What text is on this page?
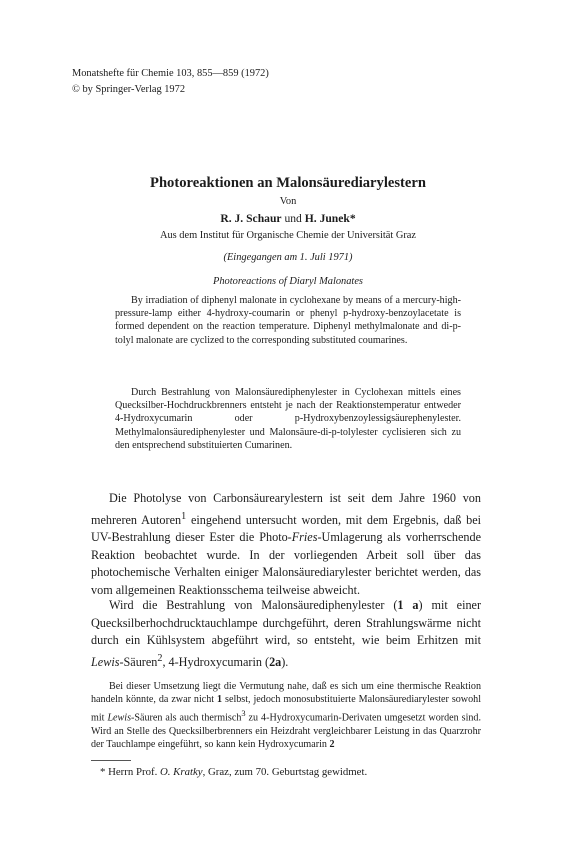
Monatshefte für Chemie 103, 855—859 (1972)
© by Springer-Verlag 1972
Photoreaktionen an Malonsäurediarylestern
Von
R. J. Schaur und H. Junek*
Aus dem Institut für Organische Chemie der Universität Graz
(Eingegangen am 1. Juli 1971)
Photoreactions of Diaryl Malonates

By irradiation of diphenyl malonate in cyclohexane by means of a mercury-high-pressure-lamp either 4-hydroxy-coumarin or phenyl p-hydroxy-benzoylacetate is formed dependent on the reaction temperature. Diphenyl methylmalonate and di-p-tolyl malonate are cyclized to the corresponding substituted coumarines.

Durch Bestrahlung von Malonsäurediphenylester in Cyclohexan mittels eines Quecksilber-Hochdruckbrenners entsteht je nach der Reaktionstemperatur entweder 4-Hydroxycumarin oder p-Hydroxybenzoylessigsäurephenylester. Methylmalonsäurediphenylester und Malonsäure-di-p-tolylester cyclisieren sich zu den entsprechend substituierten Cumarinen.

Die Photolyse von Carbonsäurearylestern ist seit dem Jahre 1960 von mehreren Autoren$^1$ eingehend untersucht worden, mit dem Ergebnis, daß bei UV-Bestrahlung dieser Ester die Photo-Fries-Umlagerung als vorherrschende Reaktion beobachtet wurde. In der vorliegenden Arbeit soll über das photochemische Verhalten einiger Malonsäurediarylester berichtet werden, das vom allgemeinen Reaktionsschema teilweise abweicht.

Wird die Bestrahlung von Malonsäurediphenylester (1 a) mit einer Quecksilberhochdrucktauchlampe durchgeführt, deren Strahlungswärme nicht durch ein Kühlsystem abgeführt wird, so entsteht, wie beim Erhitzen mit Lewis-Säuren$^2$, 4-Hydroxycumarin (2a).

Bei dieser Umsetzung liegt die Vermutung nahe, daß es sich um eine thermische Reaktion handeln könnte, da zwar nicht 1 selbst, jedoch monosubstituierte Malonsäurediarylester sowohl mit Lewis-Säuren als auch thermisch$^3$ zu 4-Hydroxycumarin-Derivaten umgesetzt worden sind. Wird an Stelle des Quecksilberbrenners ein Heizdraht vergleichbarer Leistung in das Quarzrohr der Tauchlampe eingeführt, so kann kein Hydroxycumarin 2

* Herrn Prof. O. Kratky, Graz, zum 70. Geburtstag gewidmet.
